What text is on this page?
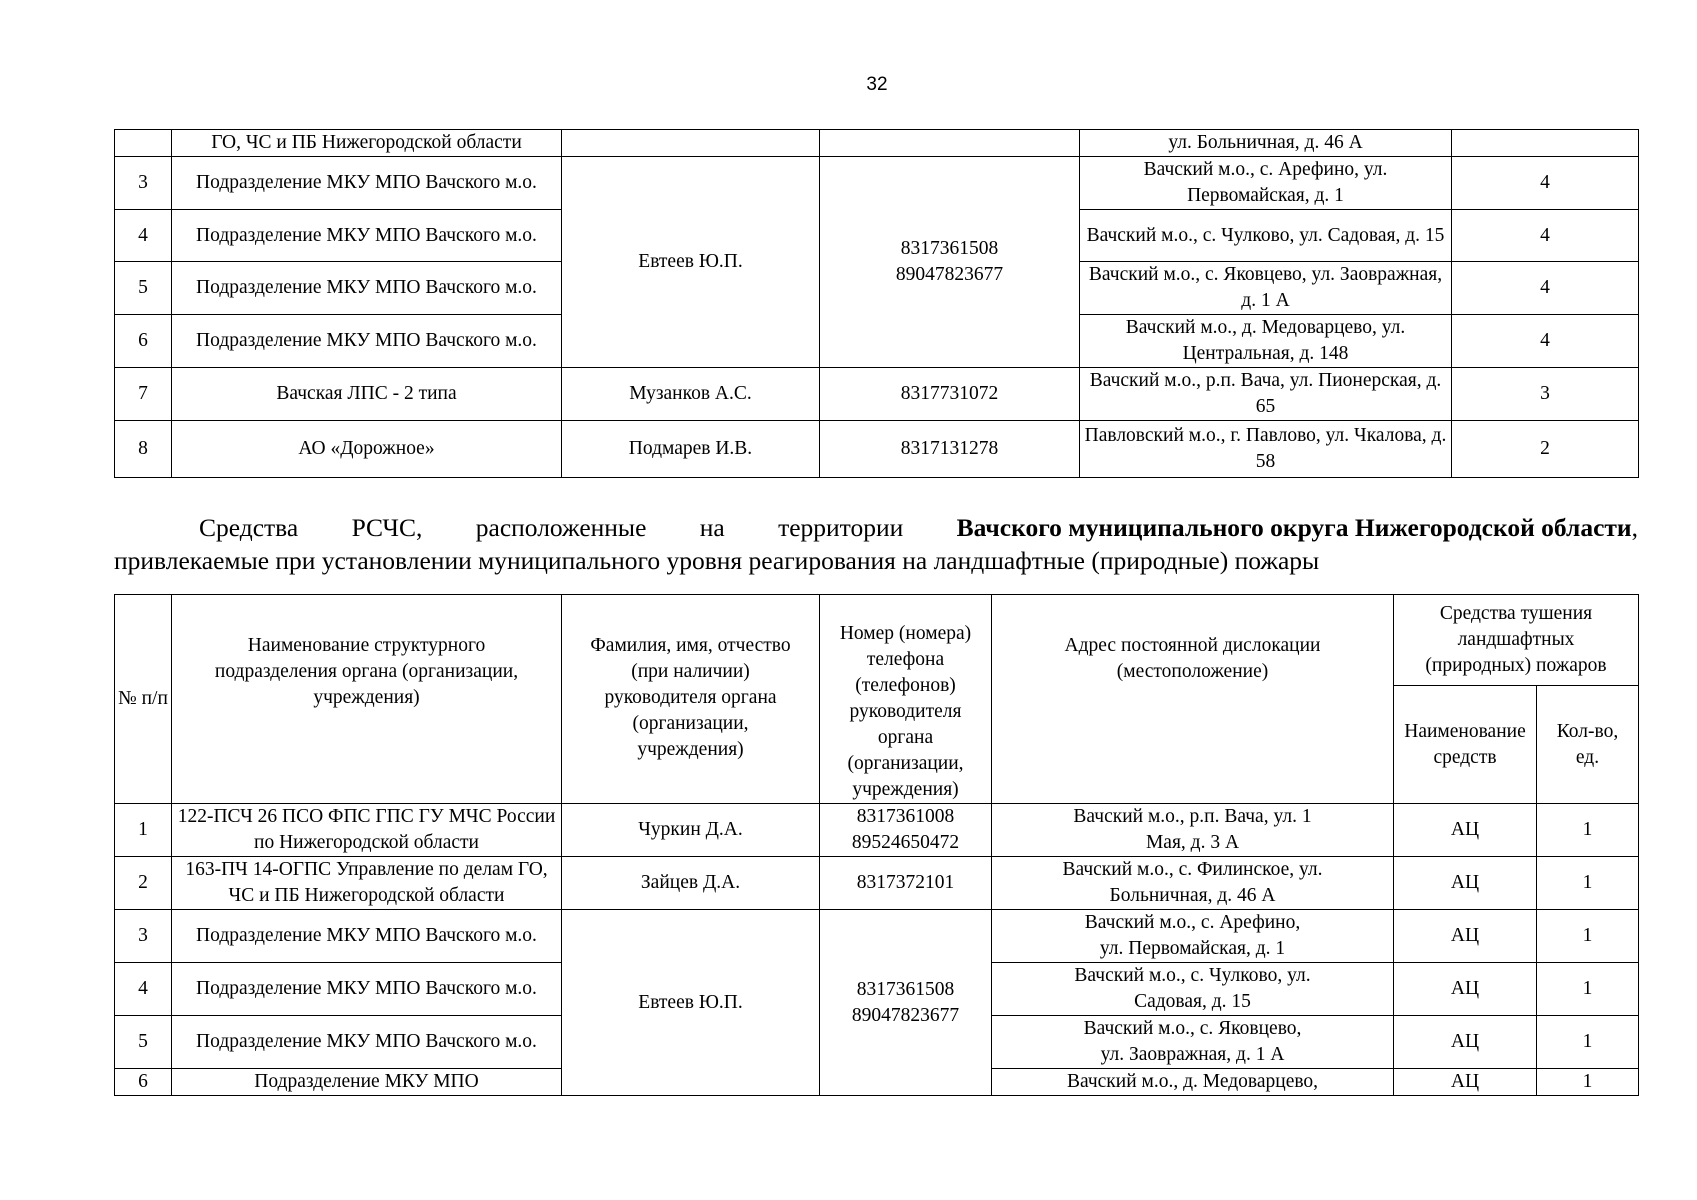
32
	ГО, ЧС и ПБ Нижегородской области			ул. Больничная, д. 46 А	
3	Подразделение МКУ МПО Вачского м.о.	Евтеев Ю.П.	8317361508 89047823677	Вачский м.о., с. Арефино, ул. Первомайская, д. 1	4
4	Подразделение МКУ МПО Вачского м.о.			Вачский м.о., с. Чулково, ул. Садовая, д. 15	4
5	Подразделение МКУ МПО Вачского м.о.			Вачский м.о., с. Яковцево, ул. Заовражная, д. 1 А	4
6	Подразделение МКУ МПО Вачского м.о.			Вачский м.о., д. Медоварцево, ул. Центральная, д. 148	4
7	Вачская ЛПС - 2 типа	Музанков А.С.	8317731072	Вачский м.о., р.п. Вача, ул. Пионерская, д. 65	3
8	АО «Дорожное»	Подмарев И.В.	8317131278	Павловский м.о., г. Павлово, ул. Чкалова, д. 58	2
Средства РСЧС, расположенные на территории Вачского муниципального округа Нижегородской области,
привлекаемые при установлении муниципального уровня реагирования на ландшафтные (природные) пожары
№ п/п	Наименование структурного подразделения органа (организации, учреждения)	Фамилия, имя, отчество (при наличии) руководителя органа (организации, учреждения)	Номер (номера) телефона (телефонов) руководителя органа (организации, учреждения)	Адрес постоянной дислокации (местоположение)	Средства тушения ландшафтных (природных) пожаров	
					Наименование средств	Кол-во, ед.
1	122-ПСЧ 26 ПСО ФПС ГПС ГУ МЧС России по Нижегородской области	Чуркин Д.А.	8317361008 89524650472	Вачский м.о., р.п. Вача, ул. 1 Мая, д. 3 А	АЦ	1
2	163-ПЧ 14-ОГПС Управление по делам ГО, ЧС и ПБ Нижегородской области	Зайцев Д.А.	8317372101	Вачский м.о., с. Филинское, ул. Больничная, д. 46 А	АЦ	1
3	Подразделение МКУ МПО Вачского м.о.	Евтеев Ю.П.	8317361508 89047823677	Вачский м.о., с. Арефино, ул. Первомайская, д. 1	АЦ	1
4	Подразделение МКУ МПО Вачского м.о.			Вачский м.о., с. Чулково, ул. Садовая, д. 15	АЦ	1
5	Подразделение МКУ МПО Вачского м.о.			Вачский м.о., с. Яковцево, ул. Заовражная, д. 1 А	АЦ	1
6	Подразделение МКУ МПО			Вачский м.о., д. Медоварцево,	АЦ	1
